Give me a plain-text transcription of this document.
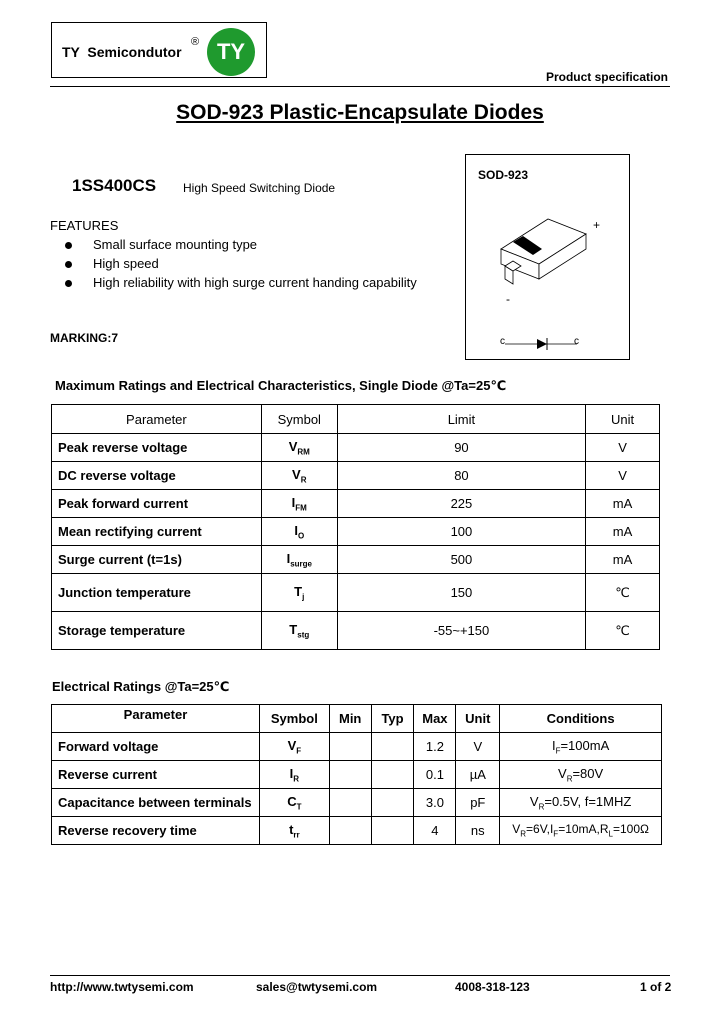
TY  Semicondutor
® TY
Product specification
SOD-923 Plastic-Encapsulate Diodes
SOD-923
+
-
c	c
1SS400CS High Speed Switching Diode
FEATURES
Small surface mounting type
High speed
High reliability with high surge current handing capability
MARKING:7
Maximum Ratings and Electrical Characteristics, Single Diode @Ta=25℃
Parameter	Symbol	Limit	Unit
Peak reverse voltage	$V_{RM}$	90	V
DC reverse voltage	$V_R$	80	V
Peak forward current	$I_{FM}$	225	mA
Mean rectifying current	$I_O$	100	mA
Surge current (t=1s)	$I_{surge}$	500	mA
Junction temperature	$T_j$	150	℃
Storage temperature	$T_{stg}$	-55~+150	℃
Electrical Ratings @Ta=25℃
Parameter	Symbol	Min	Typ	Max	Unit	Conditions
Forward voltage	$V_F$			1.2	V	$I_F=100mA$
Reverse current	$I_R$			0.1	µA	$V_R=80V$
Capacitance between terminals	$C_T$			3.0	pF	$V_R=0.5V$, f=1MHZ
Reverse recovery time	$t_{rr}$			4	ns	$V_R=6V,I_F=10mA,R_L=100\Omega$
http://www.twtysemi.com	sales@twtysemi.com	4008-318-123	1 of 2
